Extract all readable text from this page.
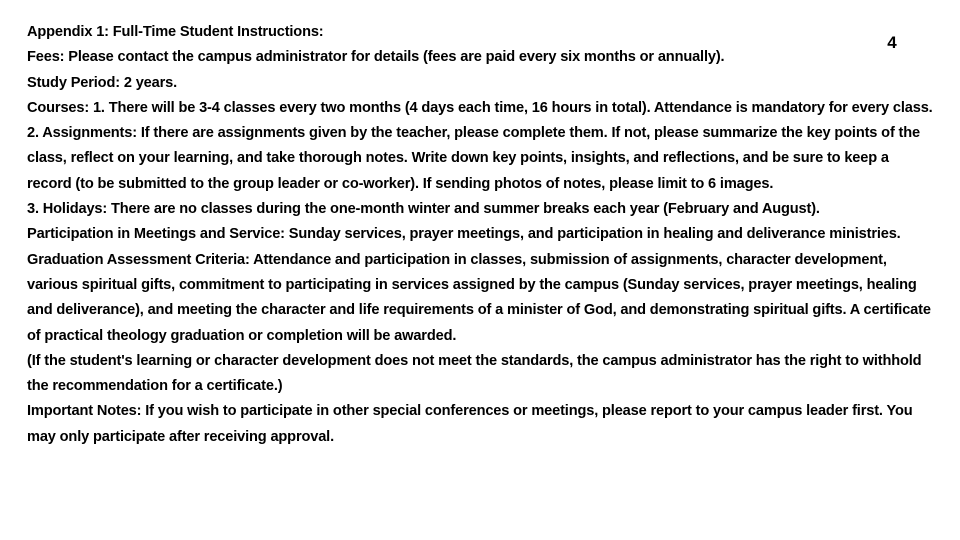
4

Appendix 1: Full-Time Student Instructions:

Fees: Please contact the campus administrator for details (fees are paid every six months or annually).

Study Period: 2 years.

Courses: 1. There will be 3-4 classes every two months (4 days each time, 16 hours in total). Attendance is mandatory for every class.

2. Assignments: If there are assignments given by the teacher, please complete them. If not, please summarize the key points of the class, reflect on your learning, and take thorough notes. Write down key points, insights, and reflections, and be sure to keep a record (to be submitted to the group leader or co-worker). If sending photos of notes, please limit to 6 images.

3. Holidays: There are no classes during the one-month winter and summer breaks each year (February and August).

Participation in Meetings and Service: Sunday services, prayer meetings, and participation in healing and deliverance ministries.

Graduation Assessment Criteria: Attendance and participation in classes, submission of assignments, character development, various spiritual gifts, commitment to participating in services assigned by the campus (Sunday services, prayer meetings, healing and deliverance), and meeting the character and life requirements of a minister of God, and demonstrating spiritual gifts. A certificate of practical theology graduation or completion will be awarded.

(If the student's learning or character development does not meet the standards, the campus administrator has the right to withhold the recommendation for a certificate.)

Important Notes: If you wish to participate in other special conferences or meetings, please report to your campus leader first. You may only participate after receiving approval.
